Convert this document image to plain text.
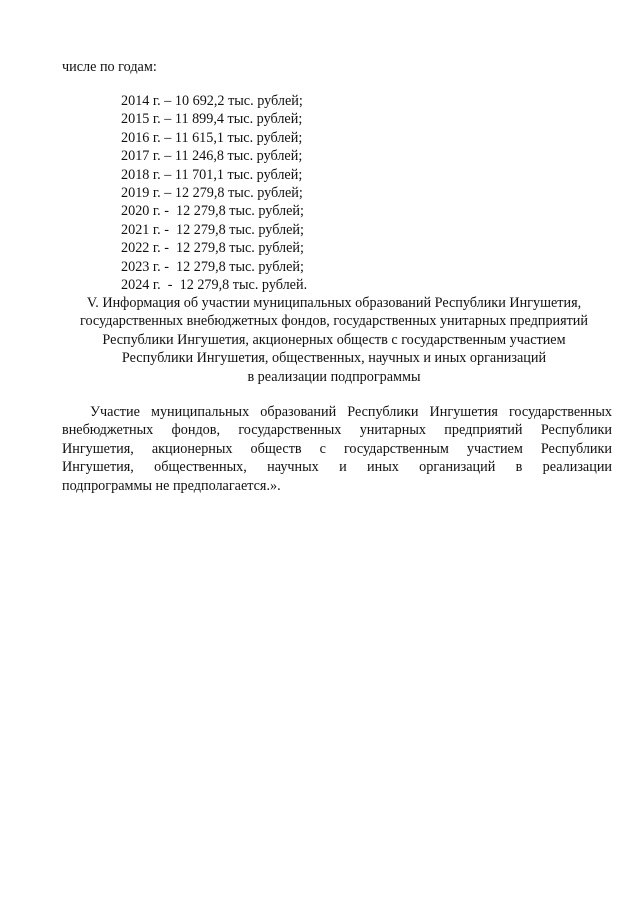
числе по годам:
2014 г. – 10 692,2 тыс. рублей;
2015 г. – 11 899,4 тыс. рублей;
2016 г. – 11 615,1 тыс. рублей;
2017 г. – 11 246,8 тыс. рублей;
2018 г. – 11 701,1 тыс. рублей;
2019 г. – 12 279,8 тыс. рублей;
2020 г. -  12 279,8 тыс. рублей;
2021 г. -  12 279,8 тыс. рублей;
2022 г. -  12 279,8 тыс. рублей;
2023 г. -  12 279,8 тыс. рублей;
2024 г.  -  12 279,8 тыс. рублей.
V. Информация об участии муниципальных образований Республики Ингушетия,
государственных внебюджетных фондов, государственных унитарных предприятий
Республики Ингушетия, акционерных обществ с государственным участием
Республики Ингушетия, общественных, научных и иных организаций
в реализации подпрограммы

Участие муниципальных образований Республики Ингушетия государственных
внебюджетных фондов, государственных унитарных предприятий Республики
Ингушетия, акционерных обществ с государственным участием Республики
Ингушетия, общественных, научных и иных организаций в реализации
подпрограммы не предполагается.».
